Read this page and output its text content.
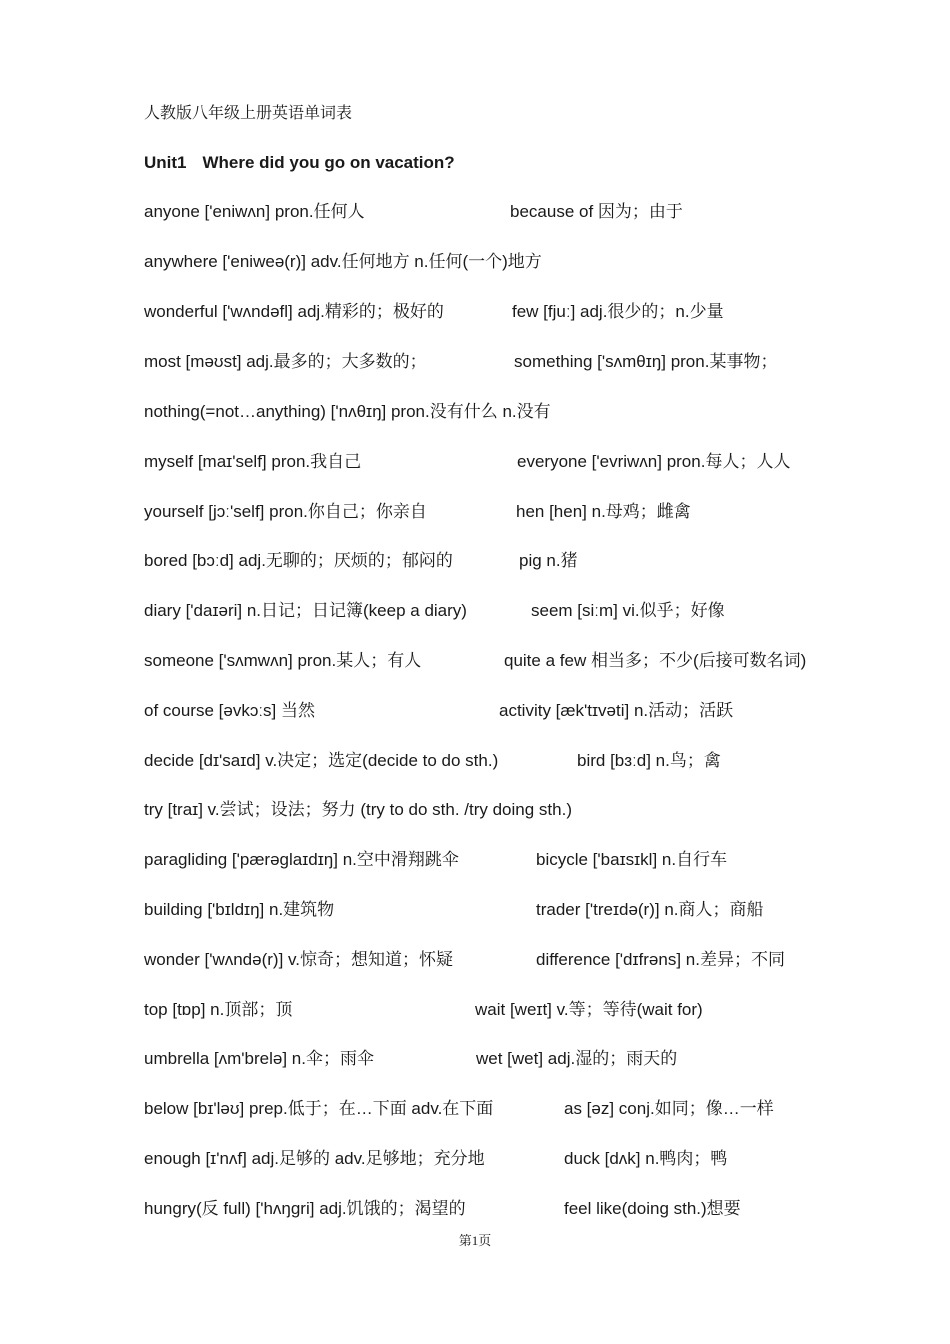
人教版八年级上册英语单词表
Unit1 Where did you go on vacation?
anyone ['eniwʌn] pron.任何人	because of 因为；由于
anywhere ['eniweə(r)] adv.任何地方 n.任何(一个)地方
wonderful ['wʌndəfl] adj.精彩的；极好的	few [fjuː] adj.很少的；n.少量
most [məʊst] adj.最多的；大多数的；	something ['sʌmθɪŋ] pron.某事物；
nothing(=not…anything) ['nʌθɪŋ] pron.没有什么 n.没有
myself [maɪ'self] pron.我自己	everyone ['evriwʌn] pron.每人；人人
yourself [jɔː'self] pron.你自己；你亲自	hen [hen] n.母鸡；雌禽
bored [bɔːd] adj.无聊的；厌烦的；郁闷的	pig n.猪
diary ['daɪəri] n.日记；日记簿(keep a diary)	seem [siːm] vi.似乎；好像
someone ['sʌmwʌn] pron.某人；有人	quite a few 相当多；不少(后接可数名词)
of course [əvkɔːs] 当然	activity [æk'tɪvəti] n.活动；活跃
decide [dɪ'saɪd] v.决定；选定(decide to do sth.)	bird [bɜːd] n.鸟；禽
try [traɪ] v.尝试；设法；努力 (try to do sth. /try doing sth.)
paragliding ['pærəglaɪdɪŋ] n.空中滑翔跳伞	bicycle ['baɪsɪkl] n.自行车
building ['bɪldɪŋ] n.建筑物	trader ['treɪdə(r)] n.商人；商船
wonder ['wʌndə(r)] v.惊奇；想知道；怀疑	difference ['dɪfrəns] n.差异；不同
top [tɒp] n.顶部；顶	wait [weɪt] v.等；等待(wait for)
umbrella [ʌm'brelə] n.伞；雨伞	wet [wet] adj.湿的；雨天的
below [bɪ'ləʊ] prep.低于；在…下面 adv.在下面	as [əz] conj.如同；像…一样
enough [ɪ'nʌf] adj.足够的 adv.足够地；充分地	duck [dʌk] n.鸭肉；鸭
hungry(反 full) ['hʌŋgri] adj.饥饿的；渴望的	feel like(doing sth.)想要
第1页
